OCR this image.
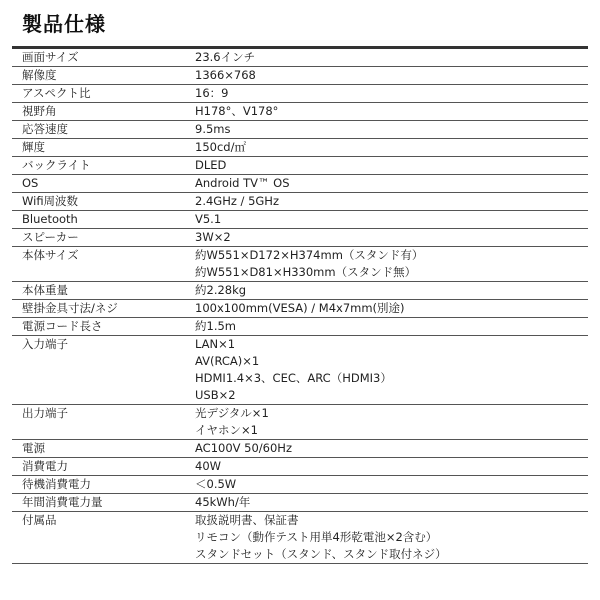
製品仕様
画面サイズ	23.6インチ
解像度	1366×768
アスペクト比	16：9
視野角	H178°、V178°
応答速度	9.5ms
輝度	150cd/㎡
バックライト	DLED
OS	Android TV™ OS
Wifi周波数	2.4GHz / 5GHz
Bluetooth	V5.1
スピーカー	3W×2
本体サイズ	約W551×D172×H374mm（スタンド有）
約W551×D81×H330mm（スタンド無）
本体重量	約2.28kg
壁掛金具寸法/ネジ	100x100mm(VESA) / M4x7mm(別途)
電源コード長さ	約1.5m
入力端子	LAN×1
AV(RCA)×1
HDMI1.4×3、CEC、ARC（HDMI3）
USB×2
出力端子	光デジタル×1
イヤホン×1
電源	AC100V 50/60Hz
消費電力	40W
待機消費電力	＜0.5W
年間消費電力量	45kWh/年
付属品	取扱説明書、保証書
リモコン（動作テスト用単4形乾電池×2含む）
スタンドセット（スタンド、スタンド取付ネジ）
